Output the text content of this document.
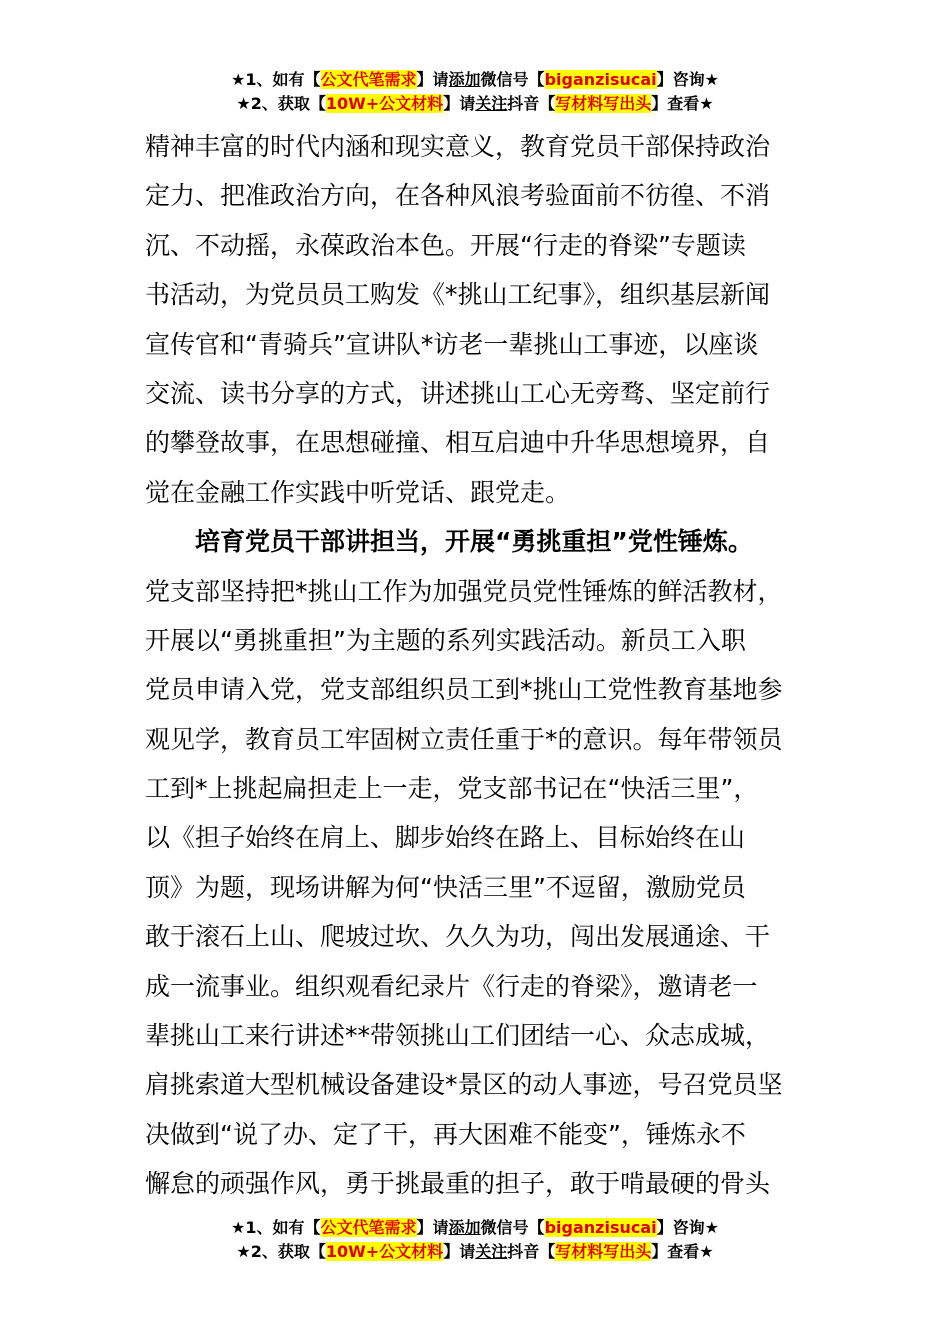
★1、如有【公文代笔需求】请添加微信号【biganzisucai】咨询★
★2、获取【10W+公文材料】请关注抖音【写材料写出头】查看★
精神丰富的时代内涵和现实意义，教育党员干部保持政治
定力、把准政治方向，在各种风浪考验面前不彷徨、不消
沉、不动摇，永葆政治本色。开展“行走的脊梁”专题读
书活动，为党员员工购发《*挑山工纪事》，组织基层新闻
宣传官和“青骑兵”宣讲队*访老一辈挑山工事迹，以座谈
交流、读书分享的方式，讲述挑山工心无旁骛、坚定前行
的攀登故事，在思想碰撞、相互启迪中升华思想境界，自
觉在金融工作实践中听党话、跟党走。
　　培育党员干部讲担当，开展“勇挑重担”党性锤炼。
党支部坚持把*挑山工作为加强党员党性锤炼的鲜活教材，
开展以“勇挑重担”为主题的系列实践活动。新员工入职
党员申请入党，党支部组织员工到*挑山工党性教育基地参
观见学，教育员工牢固树立责任重于*的意识。每年带领员
工到*上挑起扁担走上一走，党支部书记在“快活三里”，
以《担子始终在肩上、脚步始终在路上、目标始终在山
顶》为题，现场讲解为何“快活三里”不逗留，激励党员
敢于滚石上山、爬坡过坎、久久为功，闯出发展通途、干
成一流事业。组织观看纪录片《行走的脊梁》，邀请老一
辈挑山工来行讲述**带领挑山工们团结一心、众志成城，
肩挑索道大型机械设备建设*景区的动人事迹，号召党员坚
决做到“说了办、定了干，再大困难不能变”，锤炼永不
懈怠的顽强作风，勇于挑最重的担子，敢于啃最硬的骨头
★1、如有【公文代笔需求】请添加微信号【biganzisucai】咨询★
★2、获取【10W+公文材料】请关注抖音【写材料写出头】查看★
